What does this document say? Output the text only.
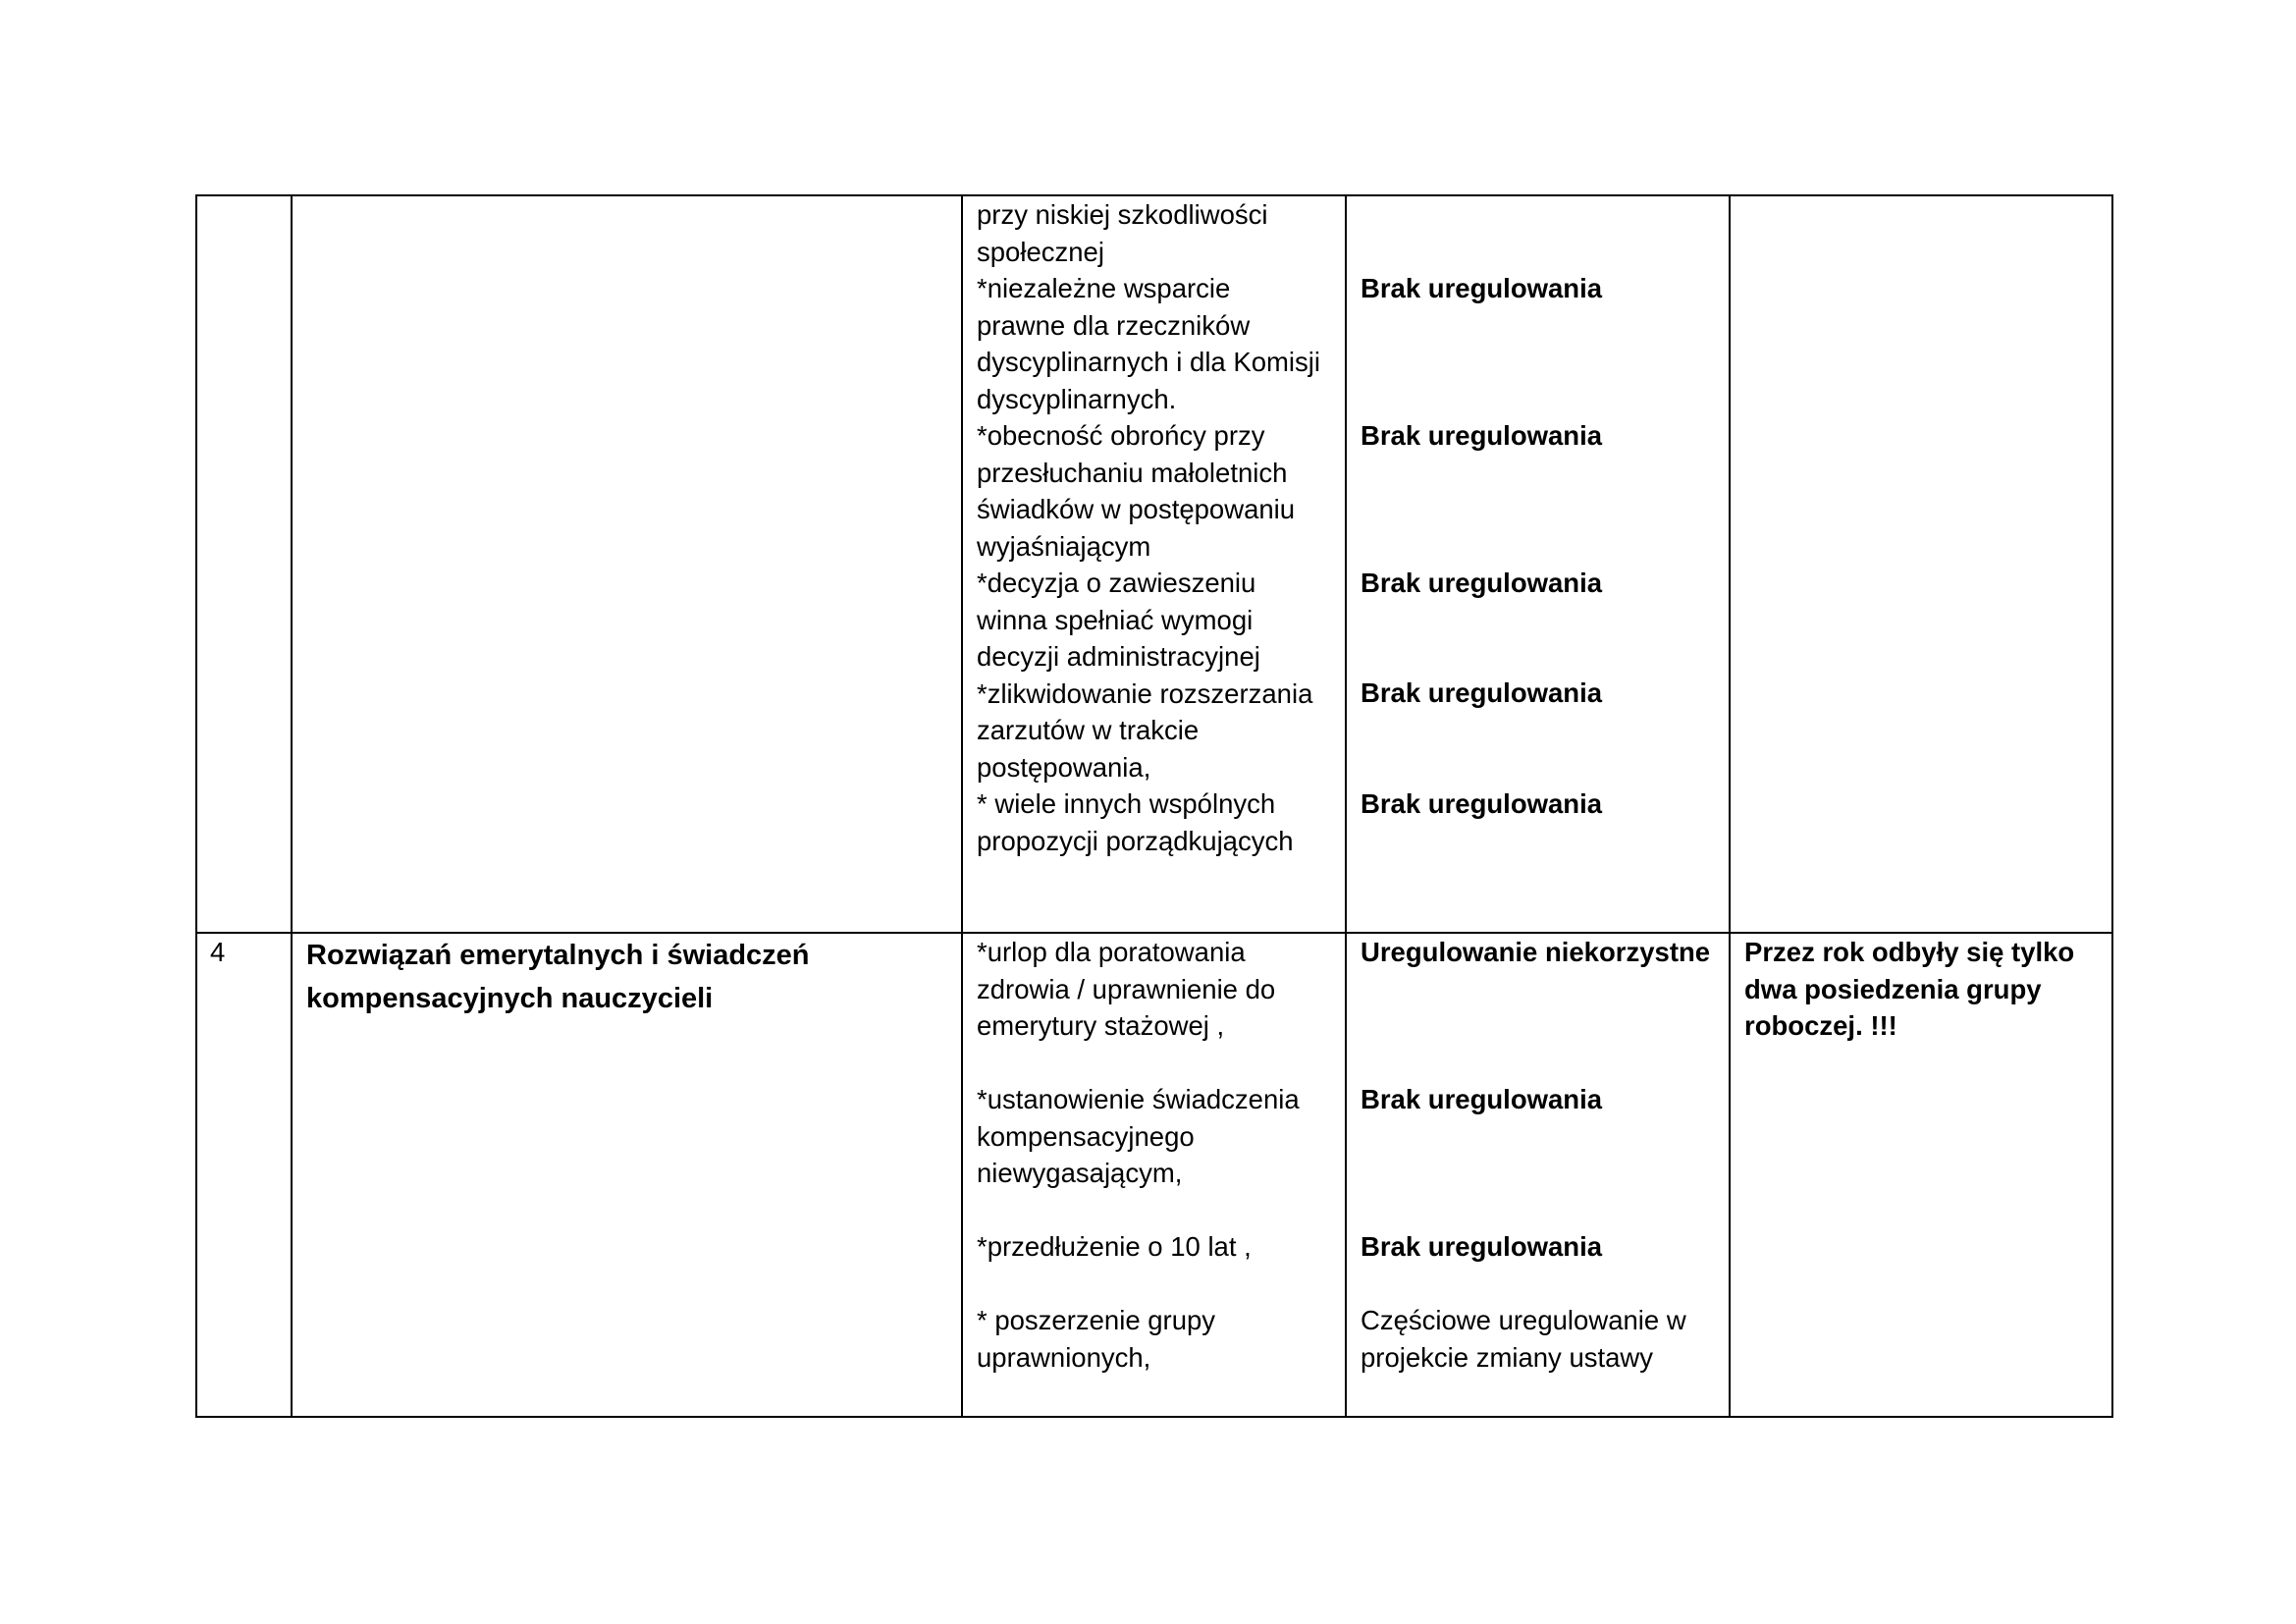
przy niskiej szkodliwości
społecznej
*niezależne wsparcie
prawne dla rzeczników
dyscyplinarnych i dla Komisji
dyscyplinarnych.
*obecność obrońcy przy
przesłuchaniu małoletnich
świadków w postępowaniu
wyjaśniającym
*decyzja o zawieszeniu
winna spełniać wymogi
decyzji administracyjnej
*zlikwidowanie rozszerzania
zarzutów w trakcie
postępowania,
* wiele innych wspólnych
propozycji porządkujących
Brak uregulowania
Brak uregulowania
Brak uregulowania
Brak uregulowania
Brak uregulowania
4	Rozwiązań emerytalnych i świadczeń
kompensacyjnych nauczycieli
*urlop dla poratowania
zdrowia / uprawnienie do
emerytury stażowej ,
*ustanowienie świadczenia
kompensacyjnego
niewygasającym,
*przedłużenie o 10 lat ,
* poszerzenie grupy
uprawnionych,
Uregulowanie niekorzystne
Brak uregulowania
Brak uregulowania
Częściowe uregulowanie w
projekcie zmiany ustawy
Przez rok odbyły się tylko
dwa posiedzenia grupy
roboczej. !!!
